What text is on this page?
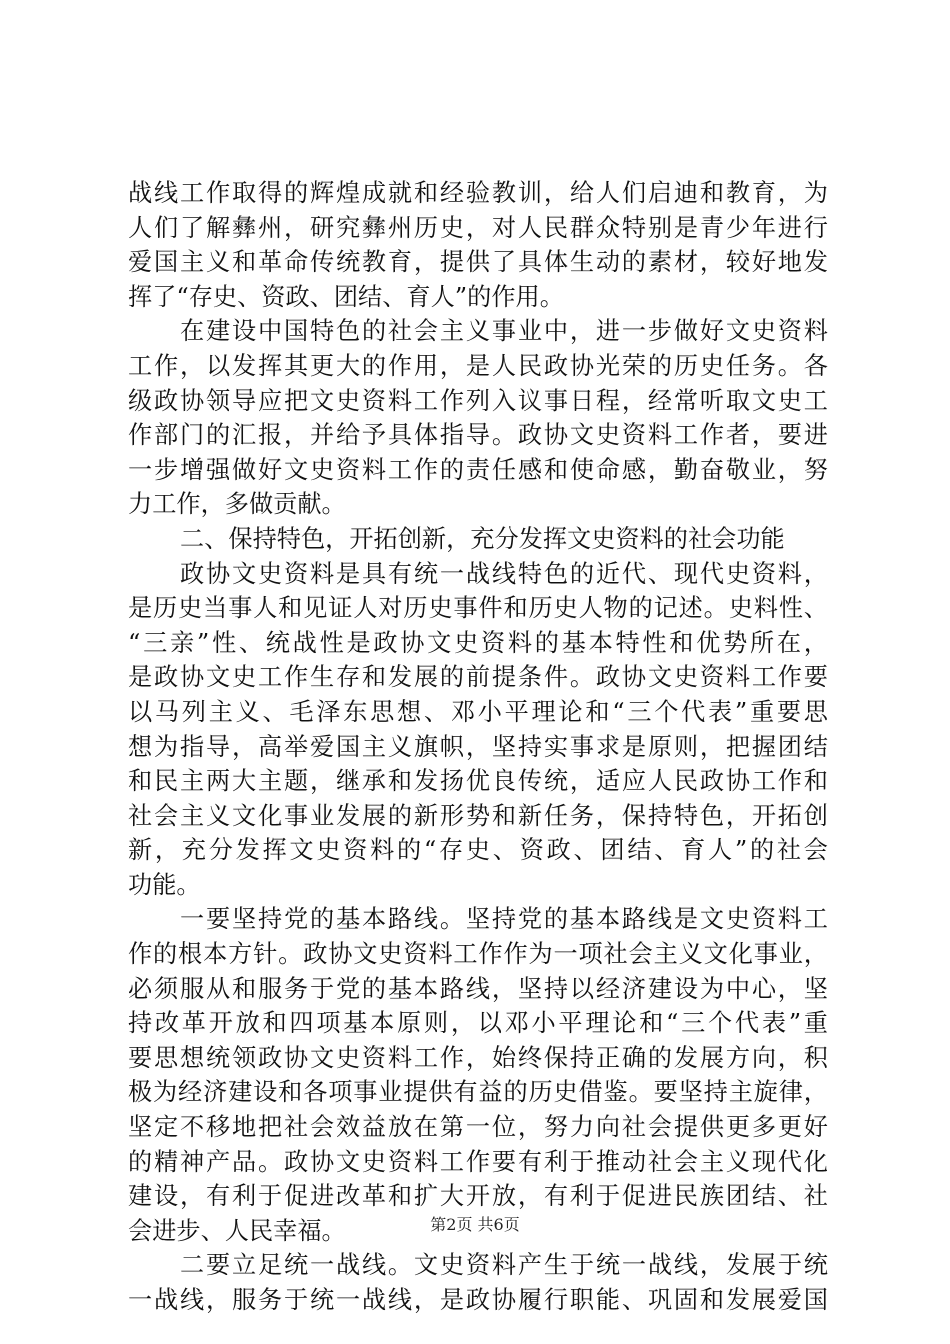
战线工作取得的辉煌成就和经验教训，给人们启迪和教育，为
人们了解彝州，研究彝州历史，对人民群众特别是青少年进行
爱国主义和革命传统教育，提供了具体生动的素材，较好地发
挥了“存史、资政、团结、育人”的作用。
在建设中国特色的社会主义事业中，进一步做好文史资料
工作，以发挥其更大的作用，是人民政协光荣的历史任务。各
级政协领导应把文史资料工作列入议事日程，经常听取文史工
作部门的汇报，并给予具体指导。政协文史资料工作者，要进
一步增强做好文史资料工作的责任感和使命感，勤奋敬业，努
力工作，多做贡献。
二、保持特色，开拓创新，充分发挥文史资料的社会功能
政协文史资料是具有统一战线特色的近代、现代史资料，
是历史当事人和见证人对历史事件和历史人物的记述。史料性、
“三亲”性、统战性是政协文史资料的基本特性和优势所在，
是政协文史工作生存和发展的前提条件。政协文史资料工作要
以马列主义、毛泽东思想、邓小平理论和“三个代表”重要思
想为指导，高举爱国主义旗帜，坚持实事求是原则，把握团结
和民主两大主题，继承和发扬优良传统，适应人民政协工作和
社会主义文化事业发展的新形势和新任务，保持特色，开拓创
新，充分发挥文史资料的“存史、资政、团结、育人”的社会
功能。
一要坚持党的基本路线。坚持党的基本路线是文史资料工
作的根本方针。政协文史资料工作作为一项社会主义文化事业，
必须服从和服务于党的基本路线，坚持以经济建设为中心，坚
持改革开放和四项基本原则，以邓小平理论和“三个代表”重
要思想统领政协文史资料工作，始终保持正确的发展方向，积
极为经济建设和各项事业提供有益的历史借鉴。要坚持主旋律，
坚定不移地把社会效益放在第一位，努力向社会提供更多更好
的精神产品。政协文史资料工作要有利于推动社会主义现代化
建设，有利于促进改革和扩大开放，有利于促进民族团结、社
会进步、人民幸福。
二要立足统一战线。文史资料产生于统一战线，发展于统
一战线，服务于统一战线，是政协履行职能、巩固和发展爱国
第2页 共6页
